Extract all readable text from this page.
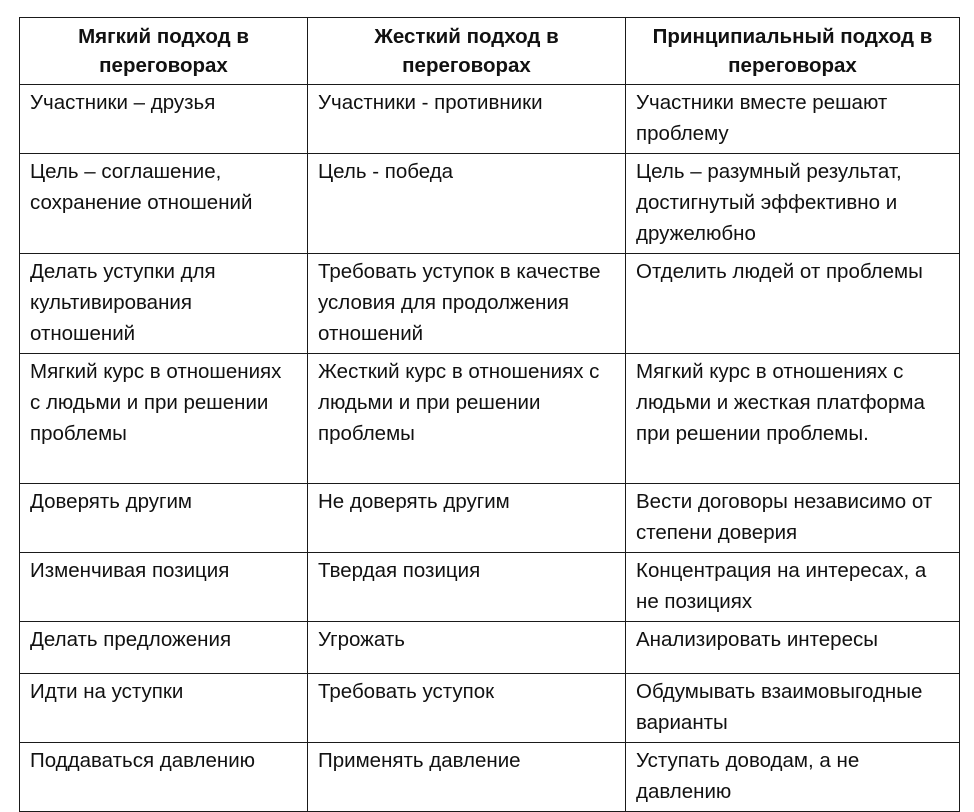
Мягкий подход в переговорах	Жесткий подход в переговорах	Принципиальный подход в переговорах
Участники – друзья	Участники - противники	Участники вместе решают проблему
Цель – соглашение, сохранение отношений	Цель - победа	Цель – разумный результат, достигнутый эффективно и дружелюбно
Делать уступки для культивирования отношений	Требовать уступок в качестве условия для продолжения отношений	Отделить людей от проблемы
Мягкий курс в отношениях с людьми и при решении проблемы	Жесткий курс в отношениях с людьми и при решении проблемы	Мягкий курс в отношениях с людьми и жесткая платформа при решении проблемы.
Доверять другим	Не доверять другим	Вести договоры независимо от степени доверия
Изменчивая позиция	Твердая позиция	Концентрация на интересах, а не позициях
Делать предложения	Угрожать	Анализировать интересы
Идти на уступки	Требовать уступок	Обдумывать взаимовыгодные варианты
Поддаваться давлению	Применять давление	Уступать доводам, а не давлению
